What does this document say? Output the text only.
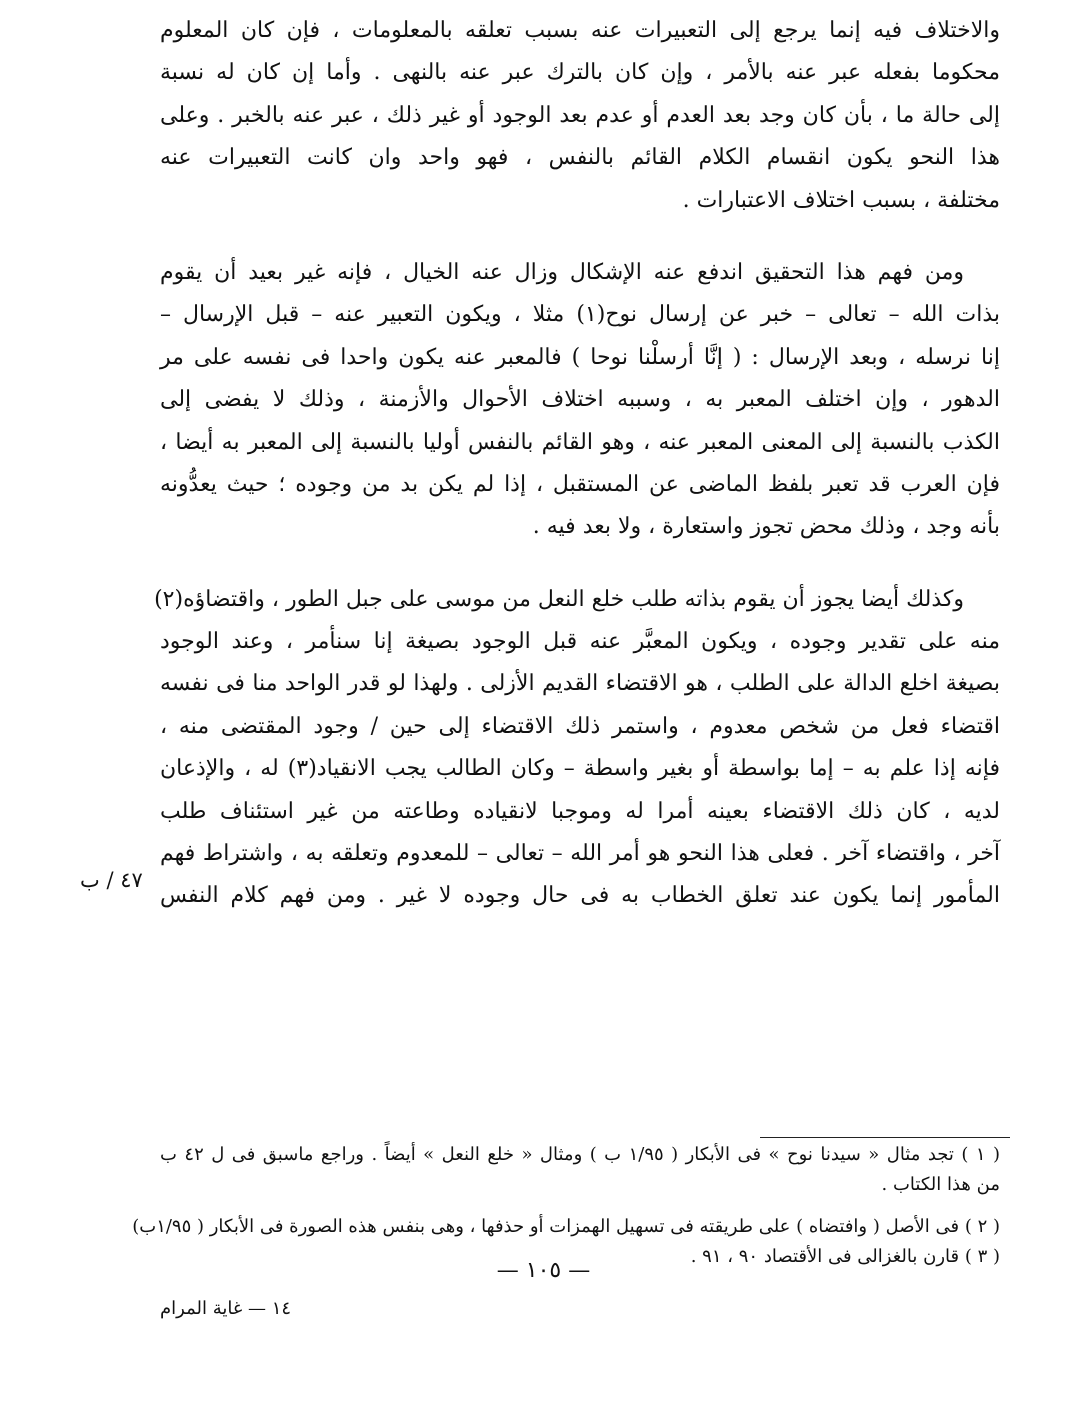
والاختلاف فيه إنما يرجع إلى التعبيرات عنه بسبب تعلقه بالمعلومات ، فإن كان المعلوم
محكوما بفعله عبر عنه بالأمر ، وإن كان بالترك عبر عنه بالنهى . وأما إن كان له نسبة
إلى حالة ما ، بأن كان وجد بعد العدم أو عدم بعد الوجود أو غير ذلك ، عبر عنه بالخبر . وعلى
هذا النحو يكون انقسام الكلام القائم بالنفس ، فهو واحد وان كانت التعبيرات عنه
مختلفة ، بسبب اختلاف الاعتبارات .
ومن فهم هذا التحقيق اندفع عنه الإشكال وزال عنه الخيال ، فإنه غير بعيد أن يقوم
بذات الله – تعالى – خبر عن إرسال نوح(١) مثلا ، ويكون التعبير عنه – قبل الإرسال –
إنا نرسله ، وبعد الإرسال : ( إنَّا أرسلْنا نوحا ) فالمعبر عنه يكون واحدا فى نفسه على مر
الدهور ، وإن اختلف المعبر به ، وسببه اختلاف الأحوال والأزمنة ، وذلك لا يفضى إلى
الكذب بالنسبة إلى المعنى المعبر عنه ، وهو القائم بالنفس أوليا بالنسبة إلى المعبر به أيضا ،
فإن العرب قد تعبر بلفظ الماضى عن المستقبل ، إذا لم يكن بد من وجوده ؛ حيث يعدُّونه
بأنه وجد ، وذلك محض تجوز واستعارة ، ولا بعد فيه .
وكذلك أيضا يجوز أن يقوم بذاته طلب خلع النعل من موسى على جبل الطور ، واقتضاؤه(٢)
منه على تقدير وجوده ، ويكون المعبَّر عنه قبل الوجود بصيغة إنا سنأمر ، وعند الوجود
بصيغة اخلع الدالة على الطلب ، هو الاقتضاء القديم الأزلى . ولهذا لو قدر الواحد منا فى نفسه
اقتضاء فعل من شخص معدوم ، واستمر ذلك الاقتضاء إلى حين / وجود المقتضى منه ،
فإنه إذا علم به – إما بواسطة أو بغير واسطة – وكان الطالب يجب الانقياد(٣) له ، والإذعان
لديه ، كان ذلك الاقتضاء بعينه أمرا له وموجبا لانقياده وطاعته من غير استئناف طلب
آخر ، واقتضاء آخر . فعلى هذا النحو هو أمر الله – تعالى – للمعدوم وتعلقه به ، واشتراط فهم
المأمور إنما يكون عند تعلق الخطاب به فى حال وجوده لا غير . ومن فهم كلام النفس
٤٧ / ب
( ١ ) تجد مثال « سيدنا نوح » فى الأبكار ( ١/٩٥ ب ) ومثال « خلع النعل » أيضاً . وراجع ماسبق فى ل ٤٢ ب
من هذا الكتاب .
( ٢ ) فى الأصل ( وافتضاه ) على طريقته فى تسهيل الهمزات أو حذفها ، وهى بنفس هذه الصورة فى الأبكار ( ١/٩٥ب)
( ٣ ) قارن بالغزالى فى الأقتصاد ٩٠ ، ٩١ .
— ١٠٥ —
١٤ — غاية المرام
